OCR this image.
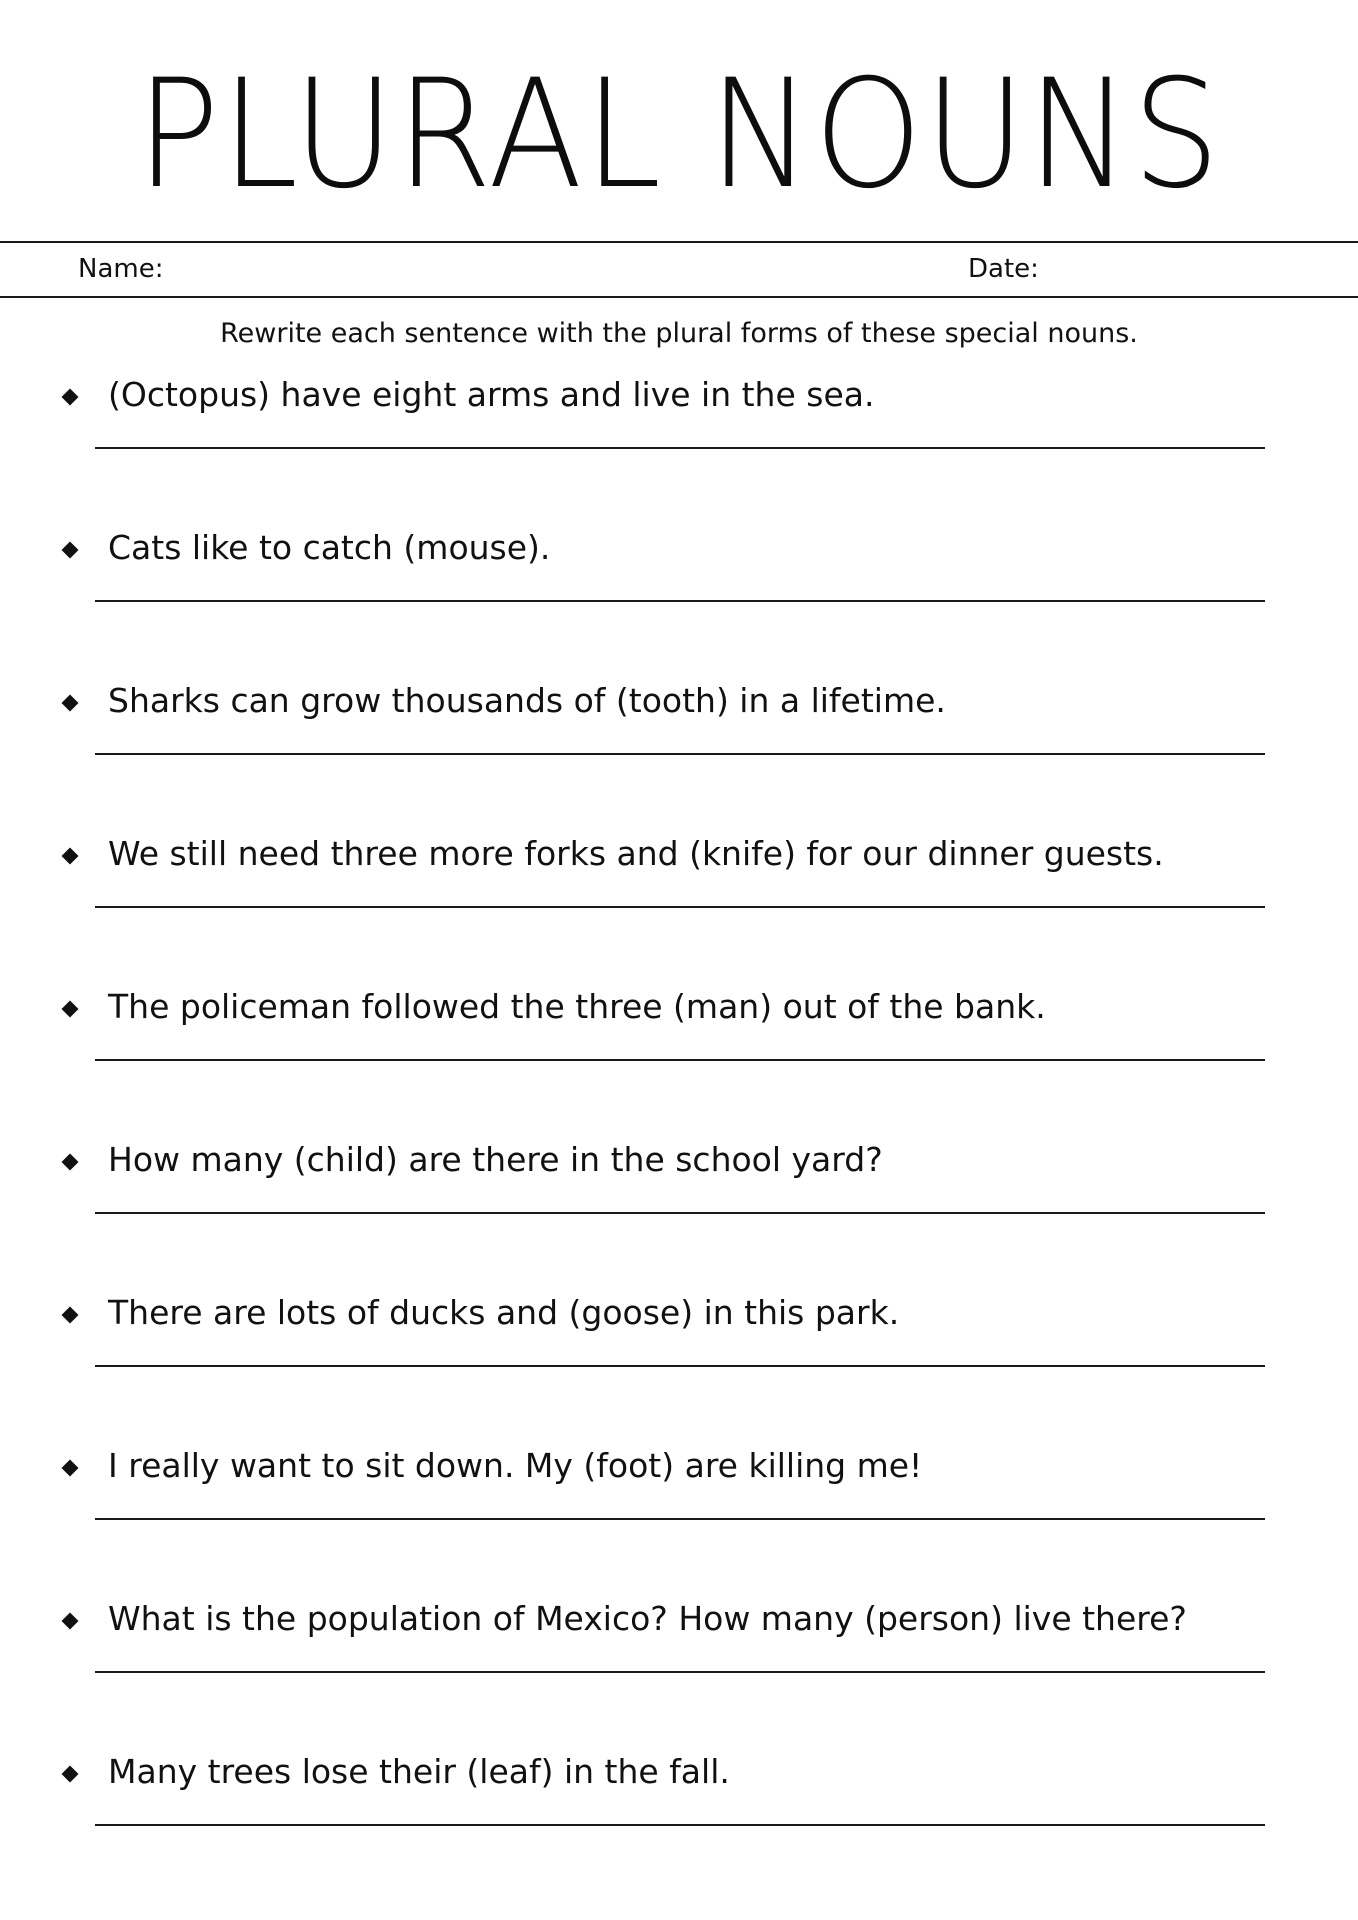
PLURAL NOUNS
Name:	Date:
Rewrite each sentence with the plural forms of these special nouns.
(Octopus) have eight arms and live in the sea.
Cats like to catch (mouse).
Sharks can grow thousands of (tooth) in a lifetime.
We still need three more forks and (knife) for our dinner guests.
The policeman followed the three (man) out of the bank.
How many (child) are there in the school yard?
There are lots of ducks and (goose) in this park.
I really want to sit down. My (foot) are killing me!
What is the population of Mexico? How many (person) live there?
Many trees lose their (leaf) in the fall.
